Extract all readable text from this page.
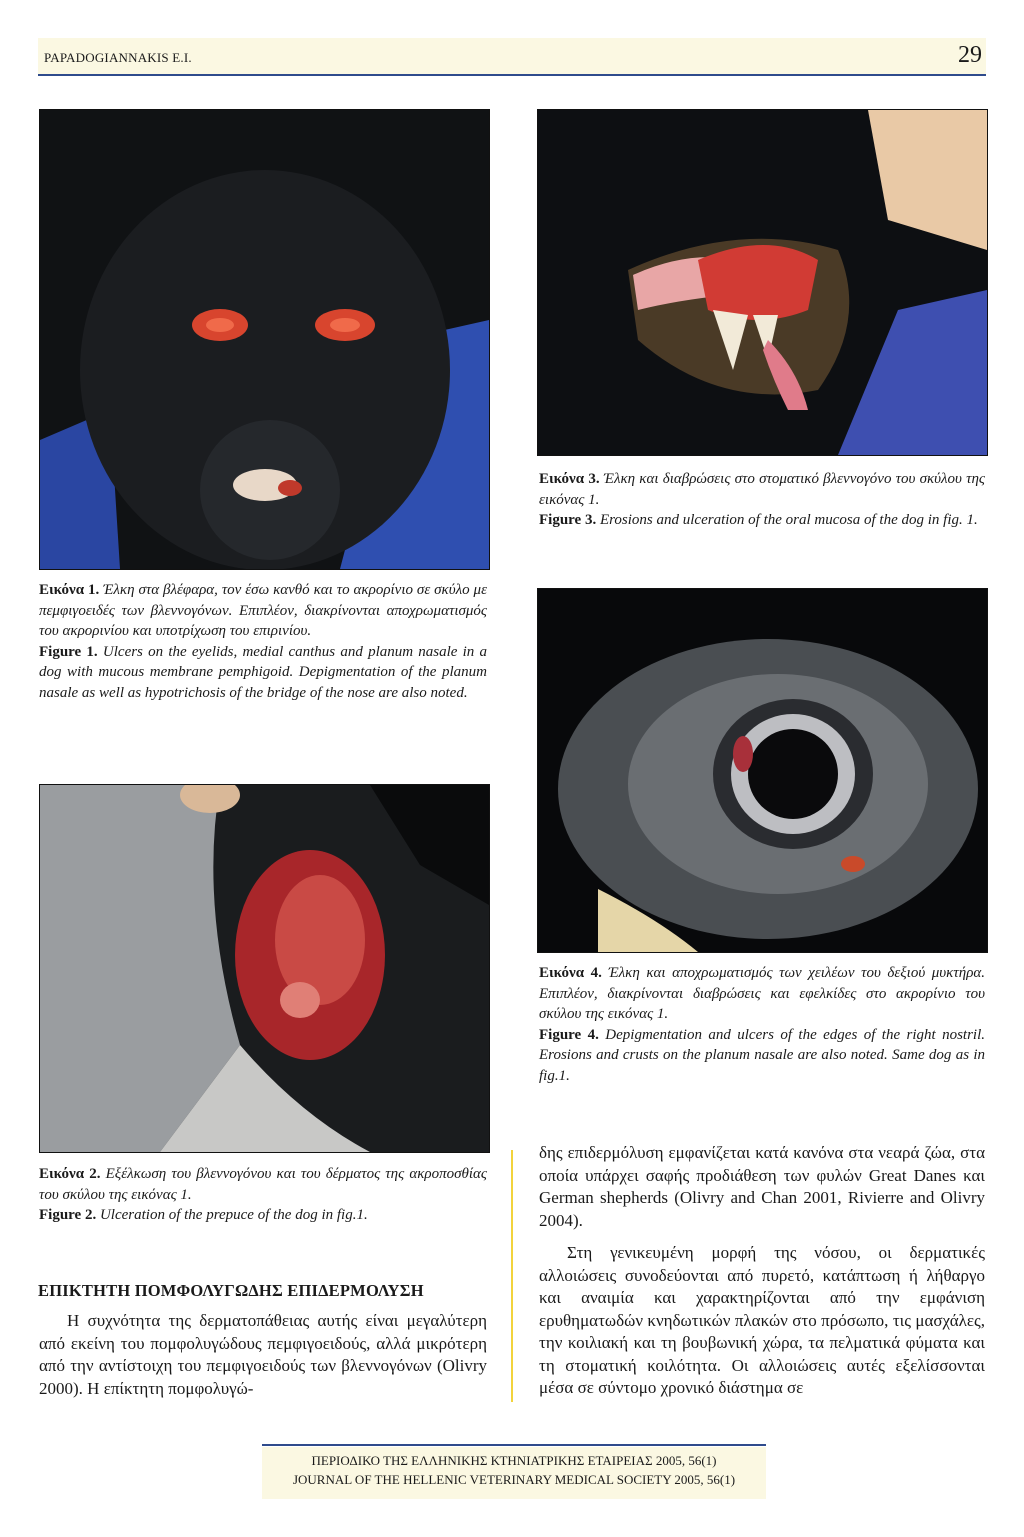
PAPADOGIANNAKIS E.I.	29

Εικόνα 3. Έλκη και διαβρώσεις στο στοματικό βλεννογόνο του σκύλου της εικόνας 1.

Figure 3. Erosions and ulceration of the oral mucosa of the dog in fig. 1.

Εικόνα 1. Έλκη στα βλέφαρα, τον έσω κανθό και το ακρορίνιο σε σκύλο με πεμφιγοειδές των βλεννογόνων. Επιπλέον, διακρίνονται αποχρωματισμός του ακρορινίου και υποτρίχωση του επιρινίου.

Figure 1. Ulcers on the eyelids, medial canthus and planum nasale in a dog with mucous membrane pemphigoid. Depigmentation of the planum nasale as well as hypotrichosis of the bridge of the nose are also noted.

Εικόνα 4. Έλκη και αποχρωματισμός των χειλέων του δεξιού μυκτήρα. Επιπλέον, διακρίνονται διαβρώσεις και εφελκίδες στο ακρορίνιο του σκύλου της εικόνας 1.

Figure 4. Depigmentation and ulcers of the edges of the right nostril. Erosions and crusts on the planum nasale are also noted. Same dog as in fig.1.

Εικόνα 2. Εξέλκωση του βλεννογόνου και του δέρματος της ακροποσθίας του σκύλου της εικόνας 1.

Figure 2. Ulceration of the prepuce of the dog in fig.1.

ΕΠΙΚΤΗΤΗ ΠΟΜΦΟΛΥΓΩΔΗΣ ΕΠΙΔΕΡΜΟΛΥΣΗ

Η συχνότητα της δερματοπάθειας αυτής είναι μεγαλύτερη από εκείνη του πομφολυγώδους πεμφιγοειδούς, αλλά μικρότερη από την αντίστοιχη του πεμφιγοειδούς των βλεννογόνων (Olivry 2000). Η επίκτητη πομφολυγώ-

δης επιδερμόλυση εμφανίζεται κατά κανόνα στα νεαρά ζώα, στα οποία υπάρχει σαφής προδιάθεση των φυλών Great Danes και German shepherds (Olivry and Chan 2001, Rivierre and Olivry 2004).

Στη γενικευμένη μορφή της νόσου, οι δερματικές αλλοιώσεις συνοδεύονται από πυρετό, κατάπτωση ή λήθαργο και αναιμία και χαρακτηρίζονται από την εμφάνιση ερυθηματωδών κνηδωτικών πλακών στο πρόσωπο, τις μασχάλες, την κοιλιακή και τη βουβωνική χώρα, τα πελματικά φύματα και τη στοματική κοιλότητα. Οι αλλοιώσεις αυτές εξελίσσονται μέσα σε σύντομο χρονικό διάστημα σε

ΠΕΡΙΟΔΙΚΟ ΤΗΣ ΕΛΛΗΝΙΚΗΣ ΚΤΗΝΙΑΤΡΙΚΗΣ ΕΤΑΙΡΕΙΑΣ 2005, 56(1)
JOURNAL OF THE HELLENIC VETERINARY MEDICAL SOCIETY 2005, 56(1)
